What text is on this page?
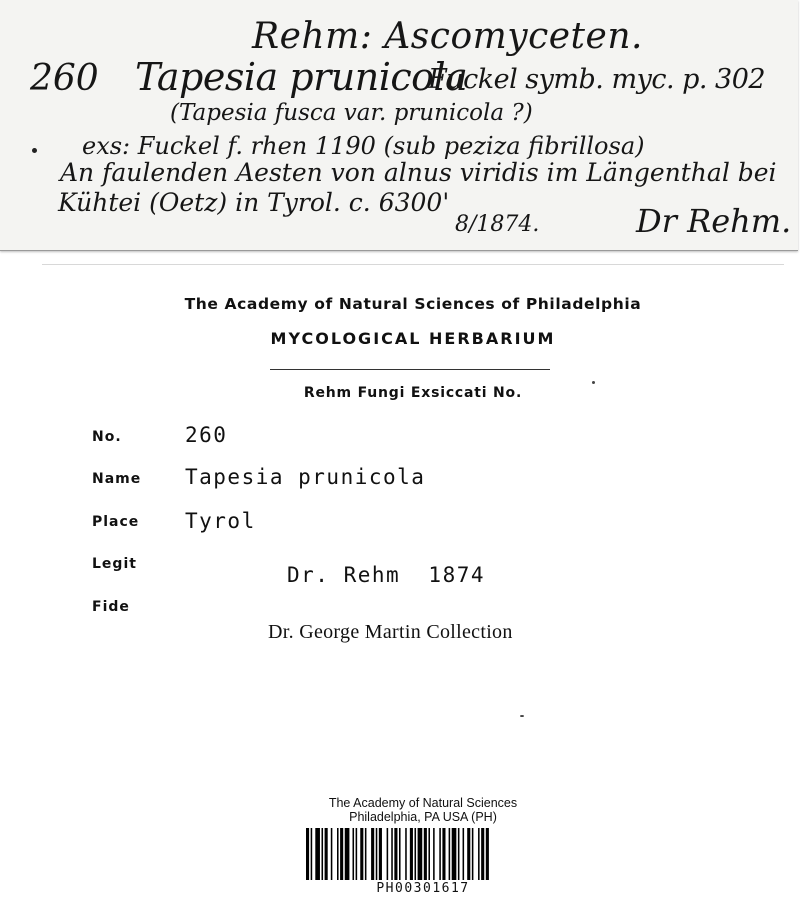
Rehm: Ascomyceten.
260 Tapesia prunicola
Fuckel symb. myc. p. 302
(Tapesia fusca var. prunicola ?)
exs: Fuckel f. rhen 1190 (sub peziza fibrillosa)
An faulenden Aesten von alnus viridis im Längenthal bei
Kühtei (Oetz) in Tyrol. c. 6300'
8/1874.	Dr Rehm.
The Academy of Natural Sciences of Philadelphia
MYCOLOGICAL HERBARIUM
Rehm Fungi Exsiccati No.
No.	260
Name Tapesia prunicola
Place Tyrol
Legit	Dr. Rehm  1874
Fide
Dr. George Martin Collection
The Academy of Natural Sciences
Philadelphia, PA USA (PH)
PH00301617
